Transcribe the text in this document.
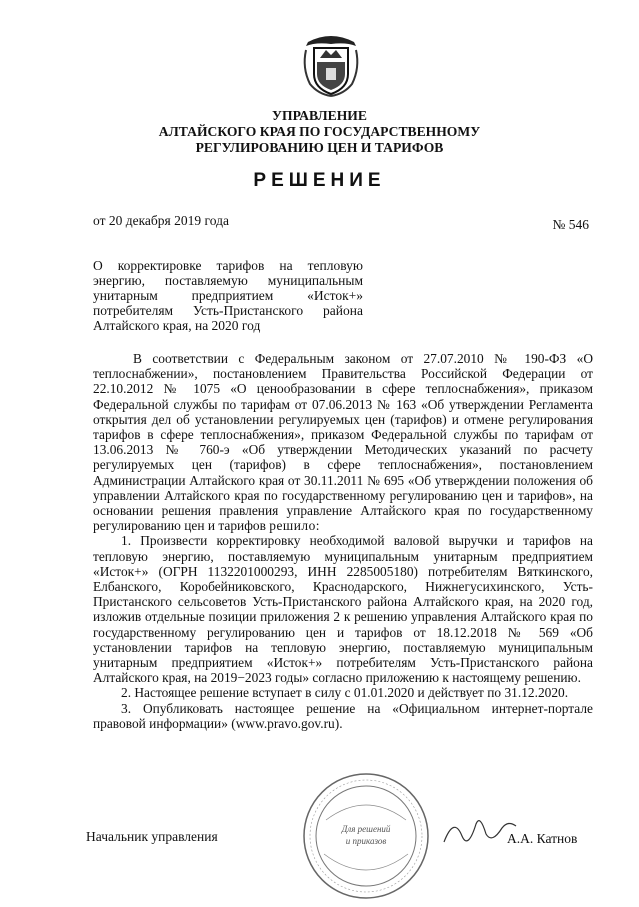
УПРАВЛЕНИЕ
АЛТАЙСКОГО КРАЯ ПО ГОСУДАРСТВЕННОМУ
РЕГУЛИРОВАНИЮ ЦЕН И ТАРИФОВ
РЕШЕНИЕ
от 20 декабря 2019 года	№ 546
О корректировке тарифов на тепловую
энергию, поставляемую муниципальным
унитарным предприятием «Исток+»
потребителям Усть-Пристанского района
Алтайского края, на 2020 год

В соответствии с Федеральным законом от 27.07.2010 № 190-ФЗ «О теплоснабжении», постановлением Правительства Российской Федерации от 22.10.2012 № 1075 «О ценообразовании в сфере теплоснабжения», приказом Федеральной службы по тарифам от 07.06.2013 № 163 «Об утверждении Регламента открытия дел об установлении регулируемых цен (тарифов) и отмене регулирования тарифов в сфере теплоснабжения», приказом Федеральной службы по тарифам от 13.06.2013 № 760-э «Об утверждении Методических указаний по расчету регулируемых цен (тарифов) в сфере теплоснабжения», постановлением Администрации Алтайского края от 30.11.2011 № 695 «Об утверждении положения об управлении Алтайского края по государственному регулированию цен и тарифов», на основании решения правления управление Алтайского края по государственному регулированию цен и тарифов решило:

1. Произвести корректировку необходимой валовой выручки и тарифов на тепловую энергию, поставляемую муниципальным унитарным предприятием «Исток+» (ОГРН 1132201000293, ИНН 2285005180) потребителям Вяткинского, Елбанского, Коробейниковского, Краснодарского, Нижнегусихинского, Усть-Пристанского сельсоветов Усть-Пристанского района Алтайского края, на 2020 год, изложив отдельные позиции приложения 2 к решению управления Алтайского края по государственному регулированию цен и тарифов от 18.12.2018 № 569 «Об установлении тарифов на тепловую энергию, поставляемую муниципальным унитарным предприятием «Исток+» потребителям Усть-Пристанского района Алтайского края, на 2019−2023 годы» согласно приложению к настоящему решению.

2. Настоящее решение вступает в силу с 01.01.2020 и действует по 31.12.2020.

3. Опубликовать настоящее решение на «Официальном интернет-портале правовой информации» (www.pravo.gov.ru).

Для решений
и приказов
Начальник управления	А.А. Катнов
